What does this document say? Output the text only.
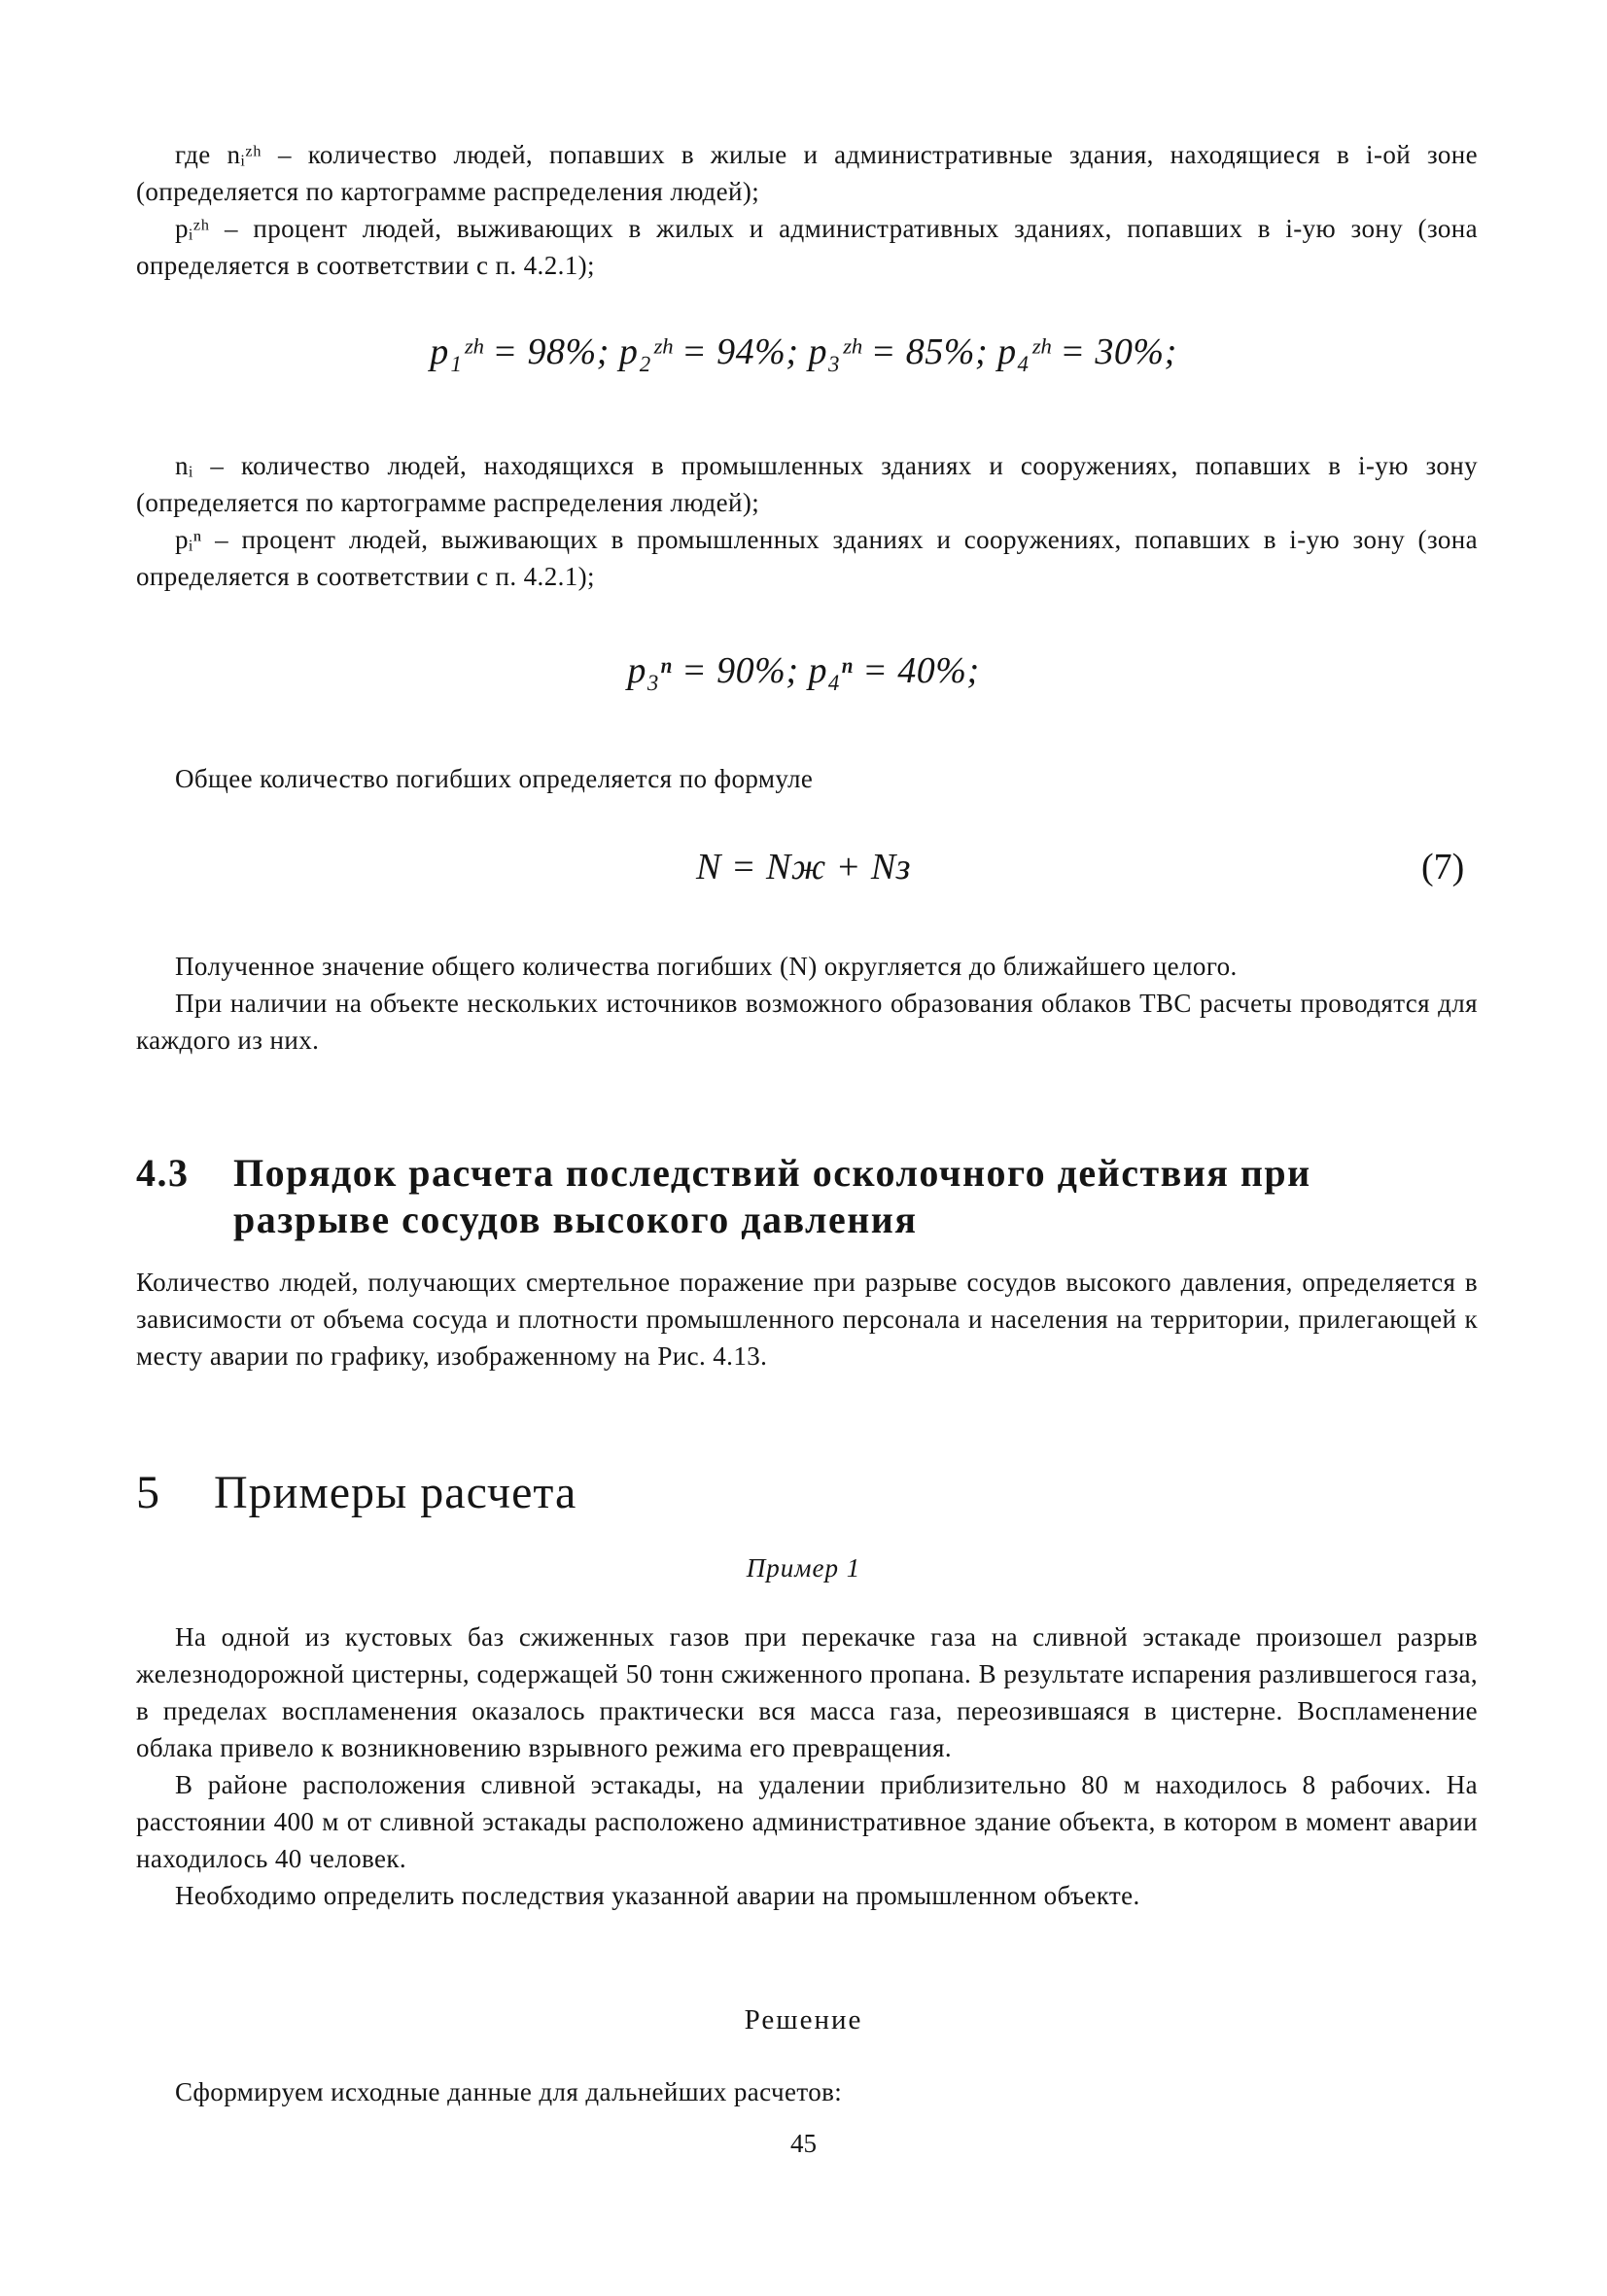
где nᵢᶻʰ – количество людей, попавших в жилые и административные здания, находящиеся в i-ой зоне (определяется по картограмме распределения людей);

pᵢᶻʰ – процент людей, выживающих в жилых и административных зданиях, попавших в i-ую зону (зона определяется в соответствии с п. 4.2.1);

p₁ᶻʰ = 98%; p₂ᶻʰ = 94%; p₃ᶻʰ = 85%; p₄ᶻʰ = 30%;

nᵢ – количество людей, находящихся в промышленных зданиях и сооружениях, попавших в i-ую зону (определяется по картограмме распределения людей);

pᵢⁿ – процент людей, выживающих в промышленных зданиях и сооружениях, попавших в i-ую зону (зона определяется в соответствии с п. 4.2.1);

p₃ⁿ = 90%; p₄ⁿ = 40%;

Общее количество погибших определяется по формуле

N = Nж + Nз	(7)

Полученное значение общего количества погибших (N) округляется до ближайшего целого.

При наличии на объекте нескольких источников возможного образования облаков ТВС расчеты проводятся для каждого из них.

4.3 Порядок расчета последствий осколочного действия при разрыве сосудов высокого давления

Количество людей, получающих смертельное поражение при разрыве сосудов высокого давления, определяется в зависимости от объема сосуда и плотности промышленного персонала и населения на территории, прилегающей к месту аварии по графику, изображенному на Рис. 4.13.

5 Примеры расчета
Пример 1

На одной из кустовых баз сжиженных газов при перекачке газа на сливной эстакаде произошел разрыв железнодорожной цистерны, содержащей 50 тонн сжиженного пропана. В результате испарения разлившегося газа, в пределах воспламенения оказалось практически вся масса газа, переозившаяся в цистерне. Воспламенение облака привело к возникновению взрывного режима его превращения.

В районе расположения сливной эстакады, на удалении приблизительно 80 м находилось 8 рабочих. На расстоянии 400 м от сливной эстакады расположено административное здание объекта, в котором в момент аварии находилось 40 человек.

Необходимо определить последствия указанной аварии на промышленном объекте.

Решение

Сформируем исходные данные для дальнейших расчетов:

45
